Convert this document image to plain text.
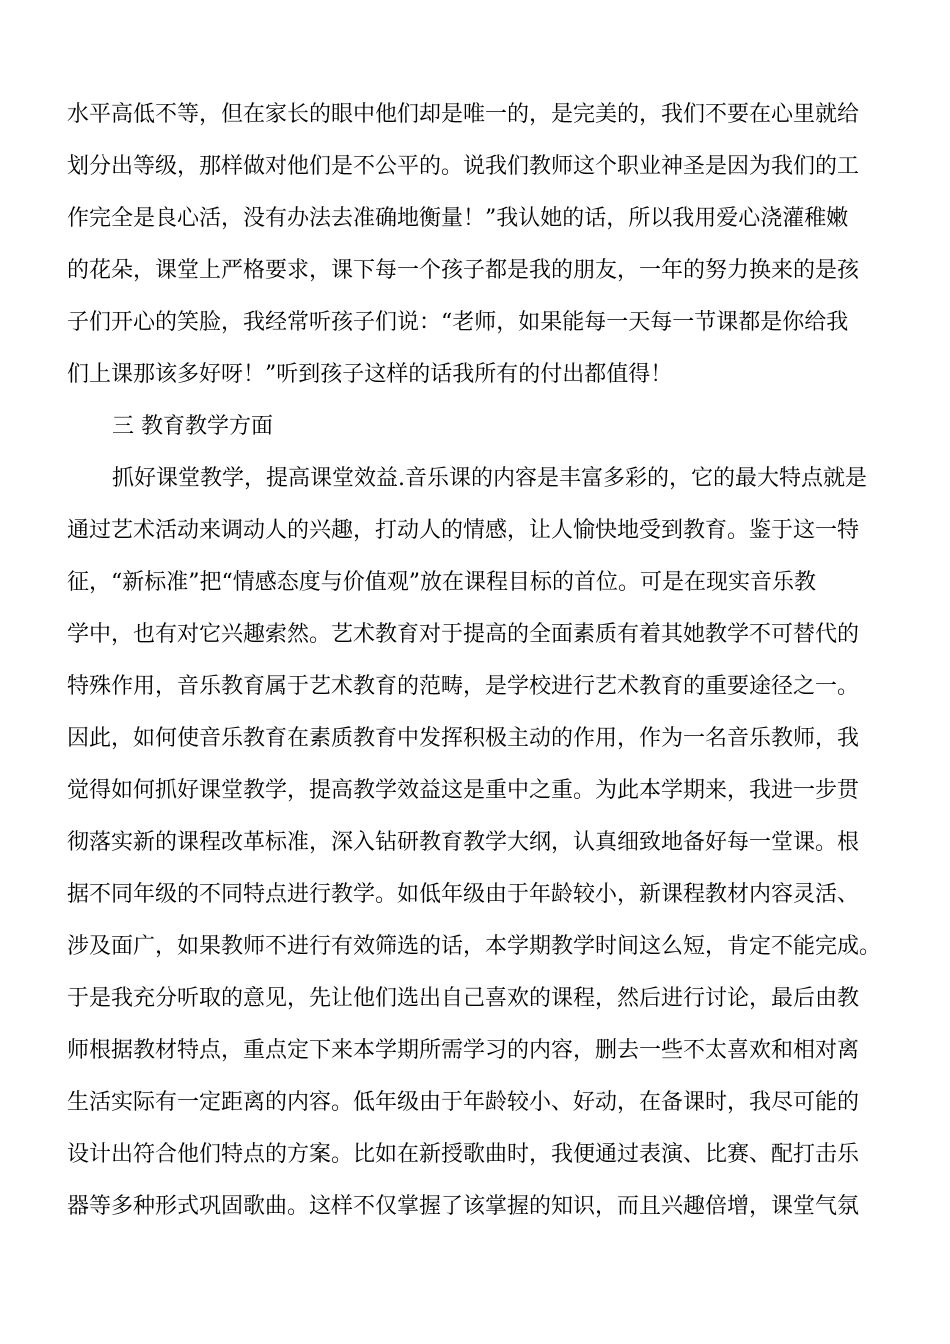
水平高低不等，但在家长的眼中他们却是唯一的，是完美的，我们不要在心里就给
划分出等级，那样做对他们是不公平的。说我们教师这个职业神圣是因为我们的工
作完全是良心活，没有办法去准确地衡量！”我认她的话，所以我用爱心浇灌稚嫩
的花朵，课堂上严格要求，课下每一个孩子都是我的朋友，一年的努力换来的是孩
子们开心的笑脸，我经常听孩子们说：“老师，如果能每一天每一节课都是你给我
们上课那该多好呀！”听到孩子这样的话我所有的付出都值得！
三 教育教学方面
抓好课堂教学，提高课堂效益.音乐课的内容是丰富多彩的，它的最大特点就是
通过艺术活动来调动人的兴趣，打动人的情感，让人愉快地受到教育。鉴于这一特
征，“新标准”把“情感态度与价值观”放在课程目标的首位。可是在现实音乐教
学中，也有对它兴趣索然。艺术教育对于提高的全面素质有着其她教学不可替代的
特殊作用，音乐教育属于艺术教育的范畴，是学校进行艺术教育的重要途径之一。
因此，如何使音乐教育在素质教育中发挥积极主动的作用，作为一名音乐教师，我
觉得如何抓好课堂教学，提高教学效益这是重中之重。为此本学期来，我进一步贯
彻落实新的课程改革标准，深入钻研教育教学大纲，认真细致地备好每一堂课。根
据不同年级的不同特点进行教学。如低年级由于年龄较小，新课程教材内容灵活、
涉及面广，如果教师不进行有效筛选的话，本学期教学时间这么短，肯定不能完成。
于是我充分听取的意见，先让他们选出自己喜欢的课程，然后进行讨论，最后由教
师根据教材特点，重点定下来本学期所需学习的内容，删去一些不太喜欢和相对离
生活实际有一定距离的内容。低年级由于年龄较小、好动，在备课时，我尽可能的
设计出符合他们特点的方案。比如在新授歌曲时，我便通过表演、比赛、配打击乐
器等多种形式巩固歌曲。这样不仅掌握了该掌握的知识，而且兴趣倍增，课堂气氛
